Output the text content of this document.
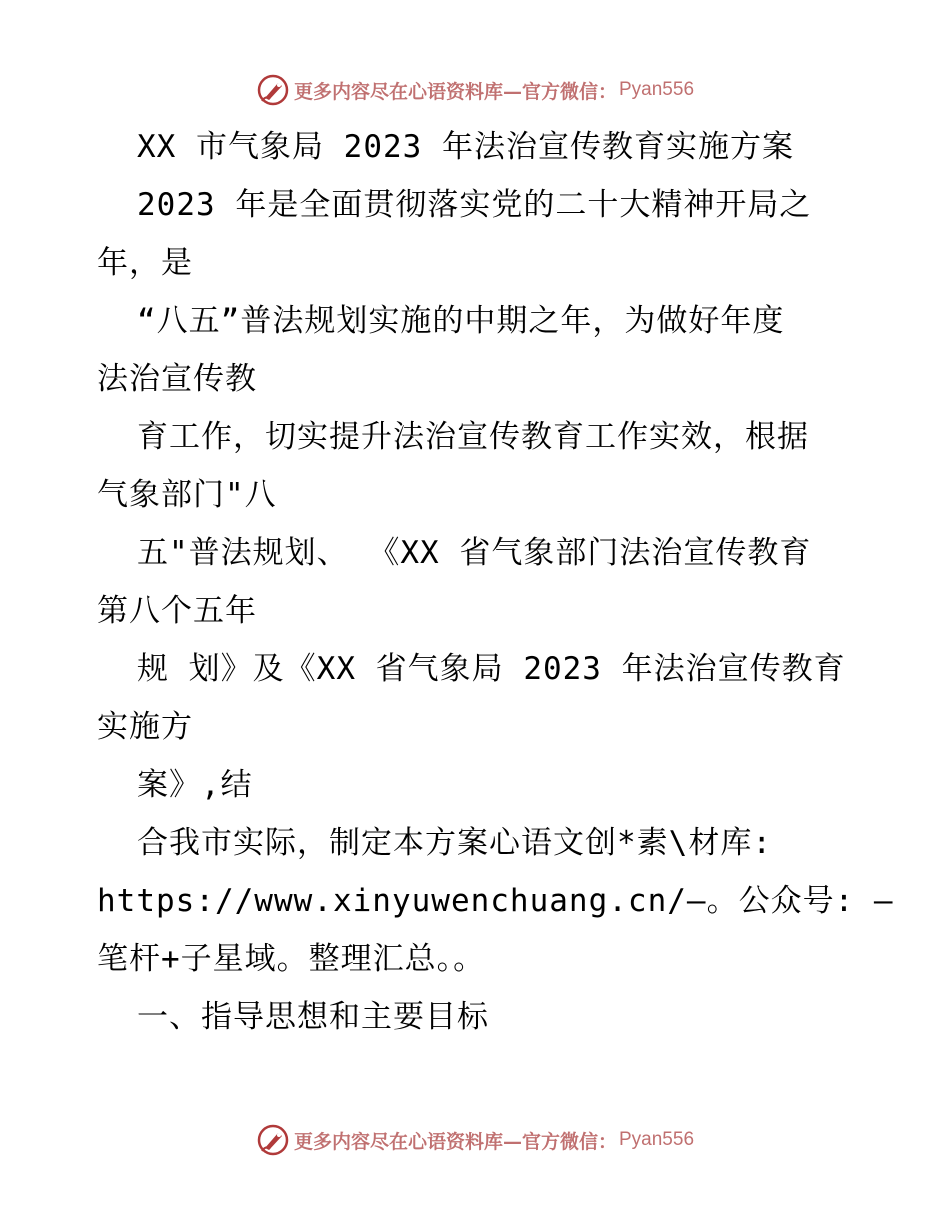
更多内容尽在心语资料库—官方微信： Pyan556
XX 市气象局 2023 年法治宣传教育实施方案
2023 年是全面贯彻落实党的二十大精神开局之
年，是
“八五”普法规划实施的中期之年，为做好年度
法治宣传教
育工作，切实提升法治宣传教育工作实效，根据
气象部门"八
五"普法规划、 《XX 省气象部门法治宣传教育
第八个五年
规 划》及《XX 省气象局 2023 年法治宣传教育
实施方
案》,结
合我市实际，制定本方案心语文创*素\材库:
https://www.xinyuwenchuang.cn/—。公众号: —
笔杆+子星域。整理汇总。。
一、指导思想和主要目标
更多内容尽在心语资料库—官方微信： Pyan556
